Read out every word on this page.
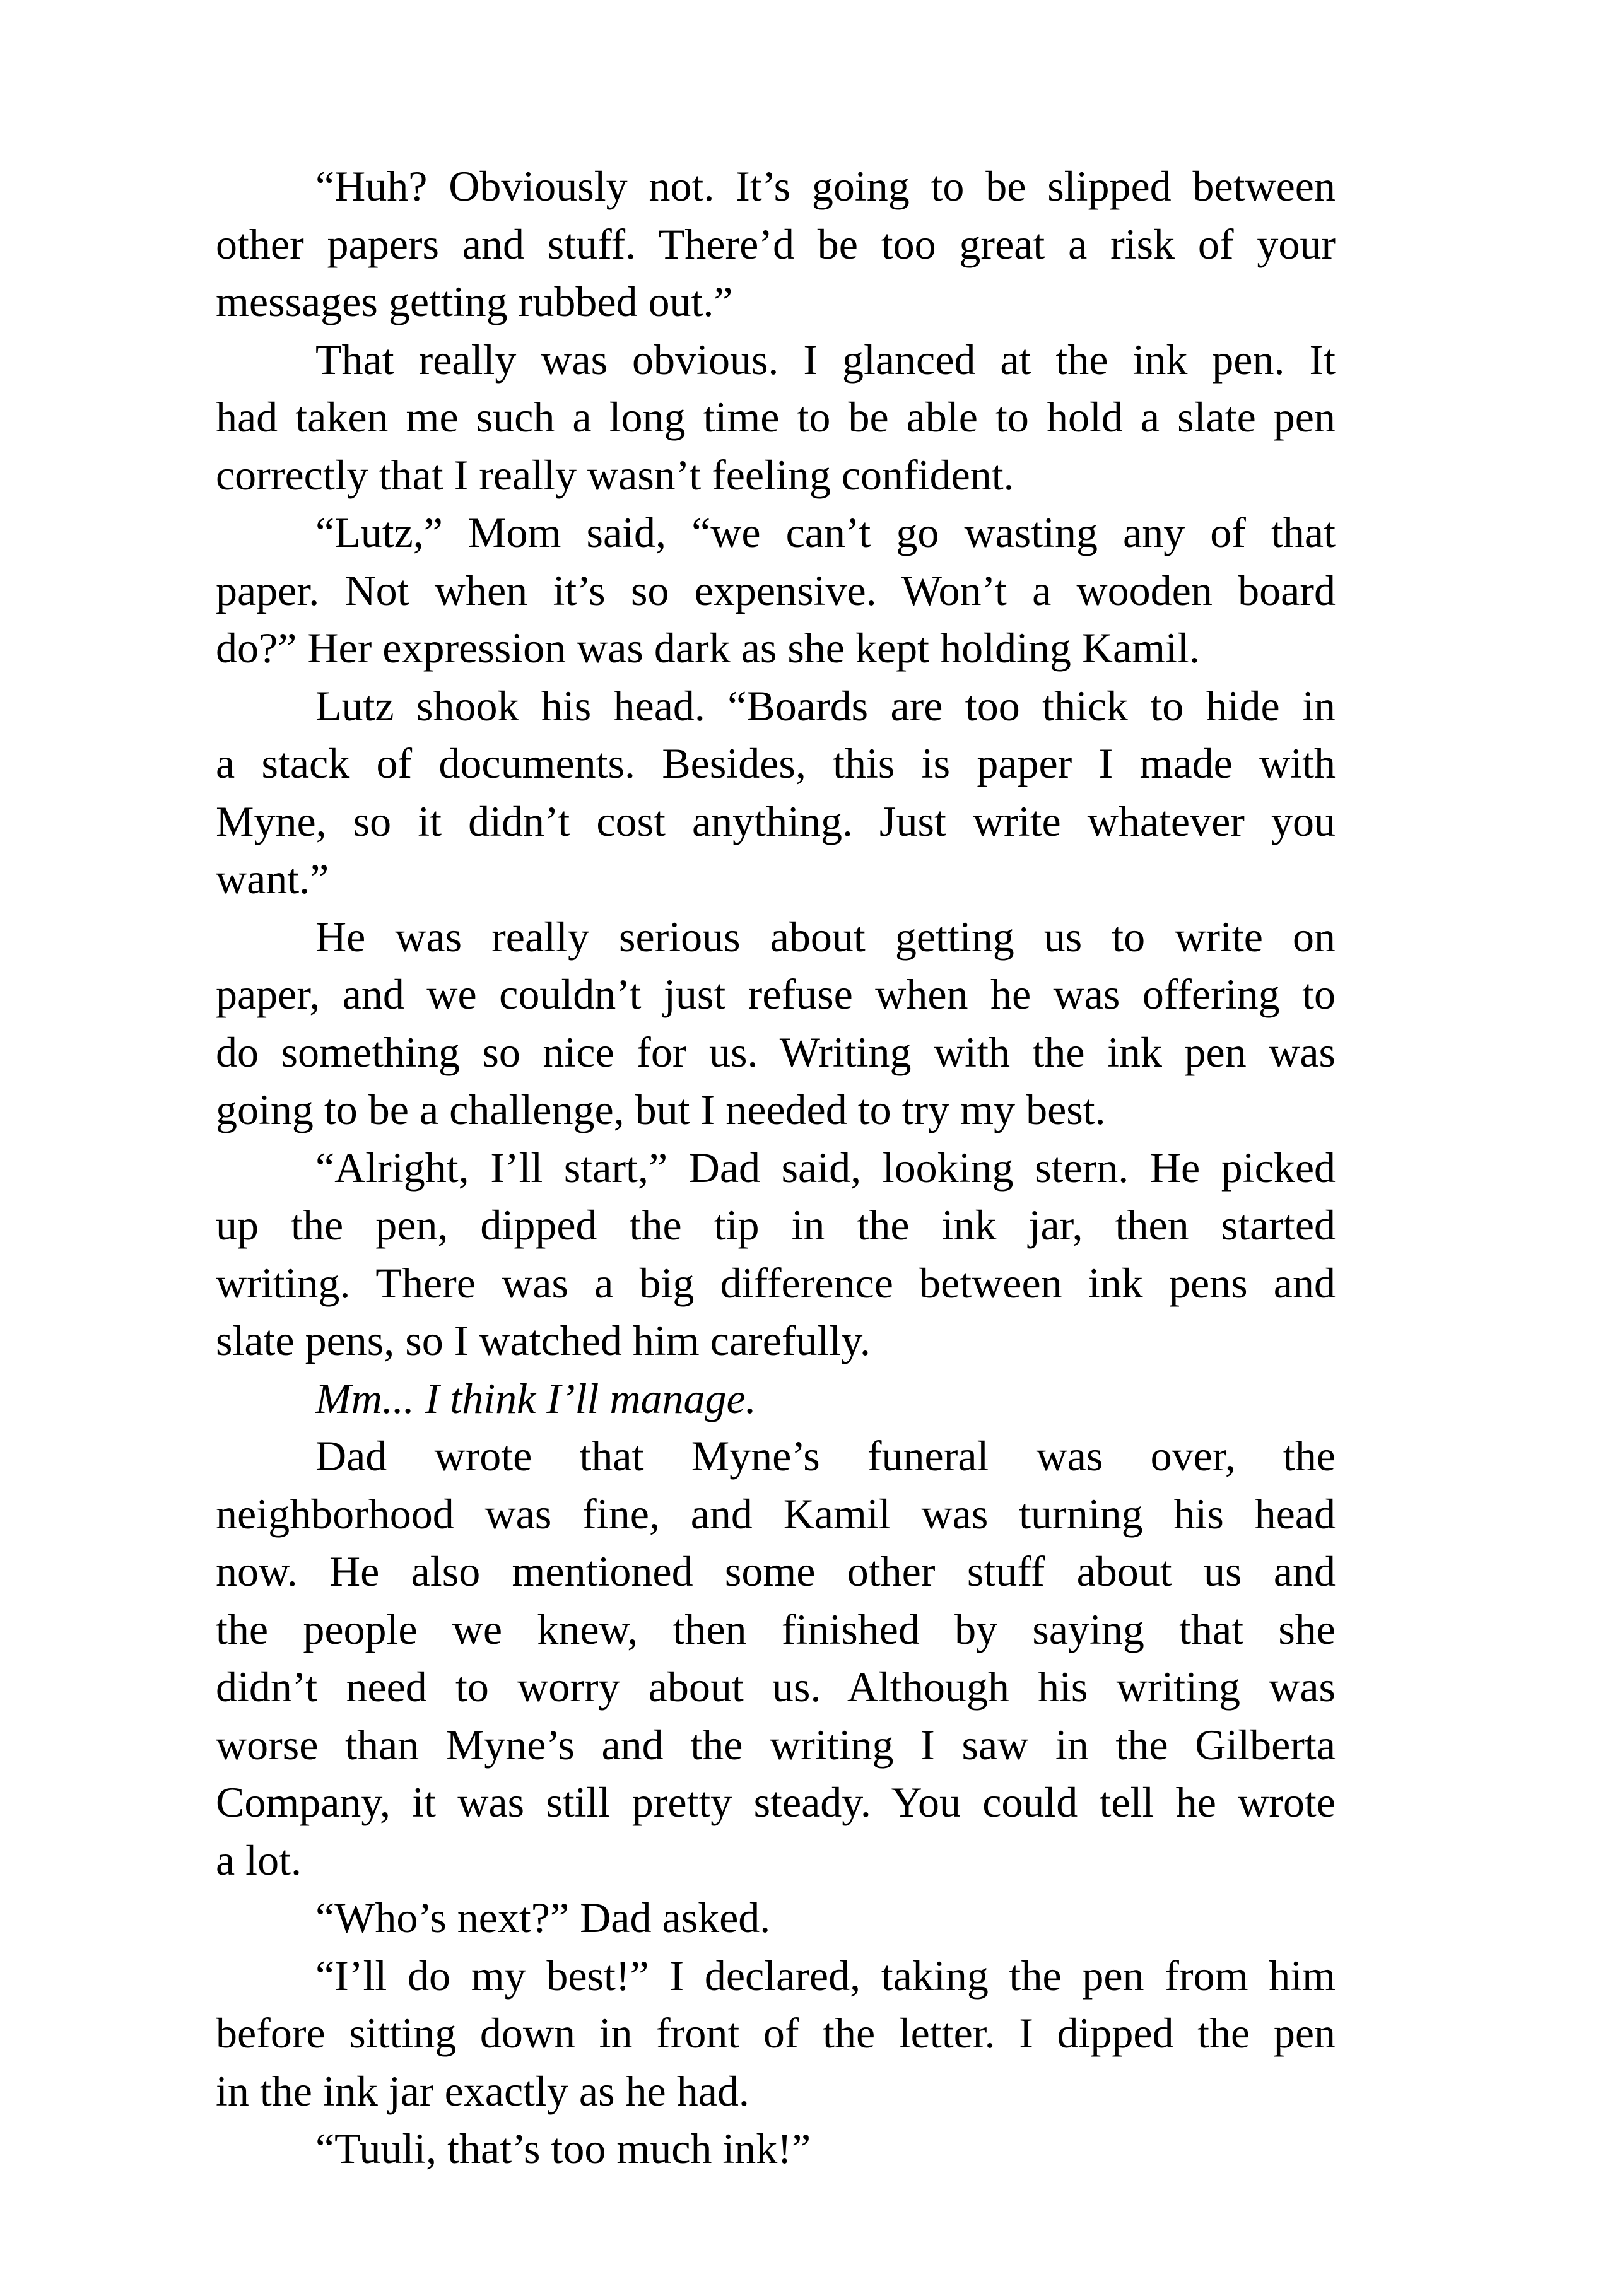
“Huh? Obviously not. It’s going to be slipped between
other papers and stuff. There’d be too great a risk of your
messages getting rubbed out.”
That really was obvious. I glanced at the ink pen. It
had taken me such a long time to be able to hold a slate pen
correctly that I really wasn’t feeling confident.
“Lutz,” Mom said, “we can’t go wasting any of that
paper. Not when it’s so expensive. Won’t a wooden board
do?” Her expression was dark as she kept holding Kamil.
Lutz shook his head. “Boards are too thick to hide in
a stack of documents. Besides, this is paper I made with
Myne, so it didn’t cost anything. Just write whatever you
want.”
He was really serious about getting us to write on
paper, and we couldn’t just refuse when he was offering to
do something so nice for us. Writing with the ink pen was
going to be a challenge, but I needed to try my best.
“Alright, I’ll start,” Dad said, looking stern. He picked
up the pen, dipped the tip in the ink jar, then started
writing. There was a big difference between ink pens and
slate pens, so I watched him carefully.
Mm... I think I’ll manage.
Dad wrote that Myne’s funeral was over, the
neighborhood was fine, and Kamil was turning his head
now. He also mentioned some other stuff about us and
the people we knew, then finished by saying that she
didn’t need to worry about us. Although his writing was
worse than Myne’s and the writing I saw in the Gilberta
Company, it was still pretty steady. You could tell he wrote
a lot.
“Who’s next?” Dad asked.
“I’ll do my best!” I declared, taking the pen from him
before sitting down in front of the letter. I dipped the pen
in the ink jar exactly as he had.
“Tuuli, that’s too much ink!”
